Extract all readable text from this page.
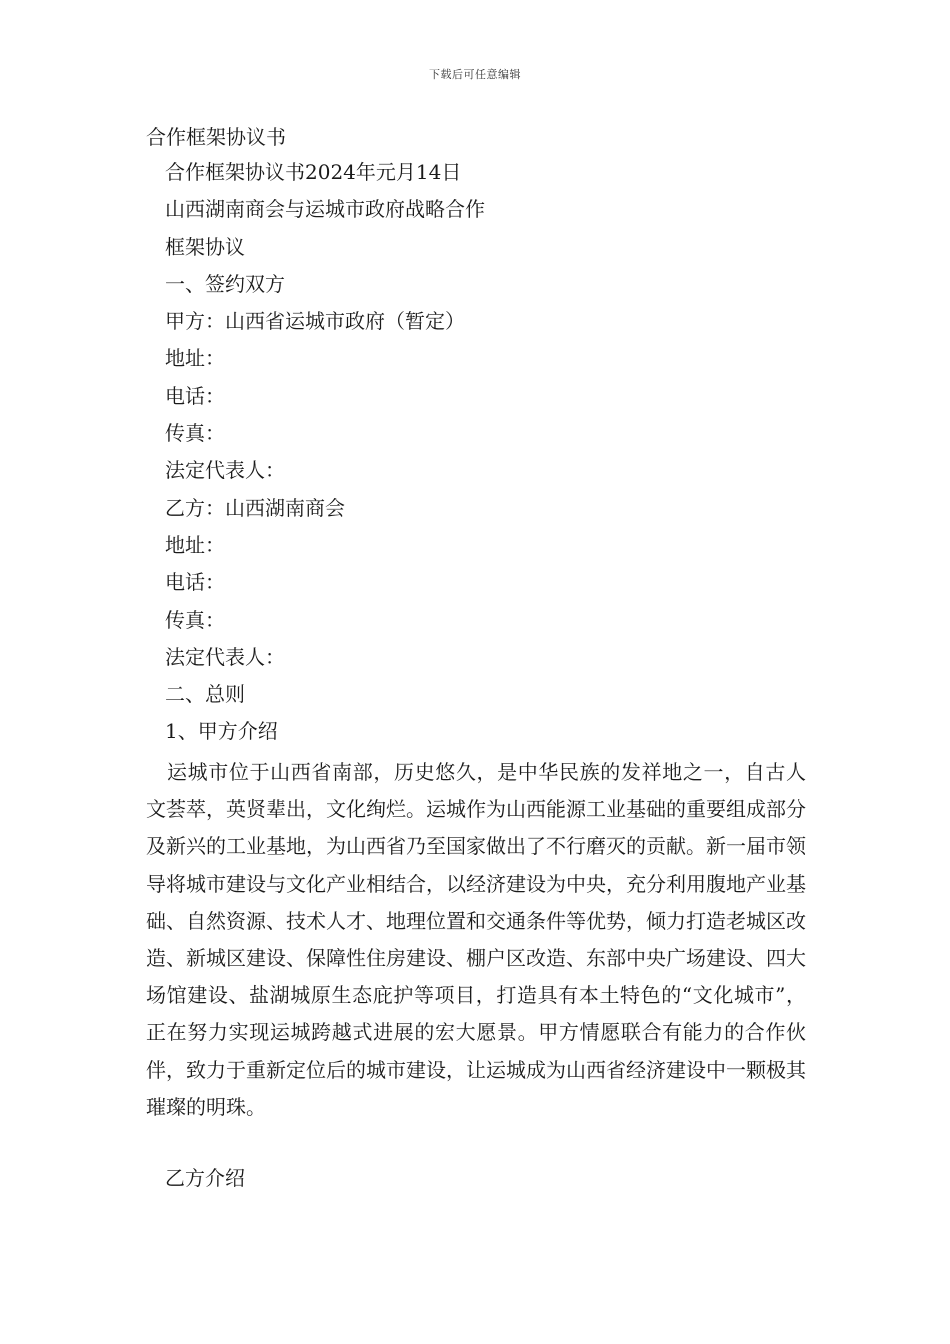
下载后可任意编辑
合作框架协议书
合作框架协议书2024年元月14日
山西湖南商会与运城市政府战略合作
框架协议
一、签约双方
甲方：山西省运城市政府（暂定）
地址：
电话：
传真：
法定代表人：
乙方：山西湖南商会
地址：
电话：
传真：
法定代表人：
二、总则
1、甲方介绍

运城市位于山西省南部，历史悠久，是中华民族的发祥地之一，自古人文荟萃，英贤辈出，文化绚烂。运城作为山西能源工业基础的重要组成部分及新兴的工业基地，为山西省乃至国家做出了不行磨灭的贡献。新一届市领导将城市建设与文化产业相结合，以经济建设为中央，充分利用腹地产业基础、自然资源、技术人才、地理位置和交通条件等优势，倾力打造老城区改造、新城区建设、保障性住房建设、棚户区改造、东部中央广场建设、四大场馆建设、盐湖城原生态庇护等项目，打造具有本土特色的“文化城市”，正在努力实现运城跨越式进展的宏大愿景。甲方情愿联合有能力的合作伙伴，致力于重新定位后的城市建设，让运城成为山西省经济建设中一颗极其璀璨的明珠。

乙方介绍
